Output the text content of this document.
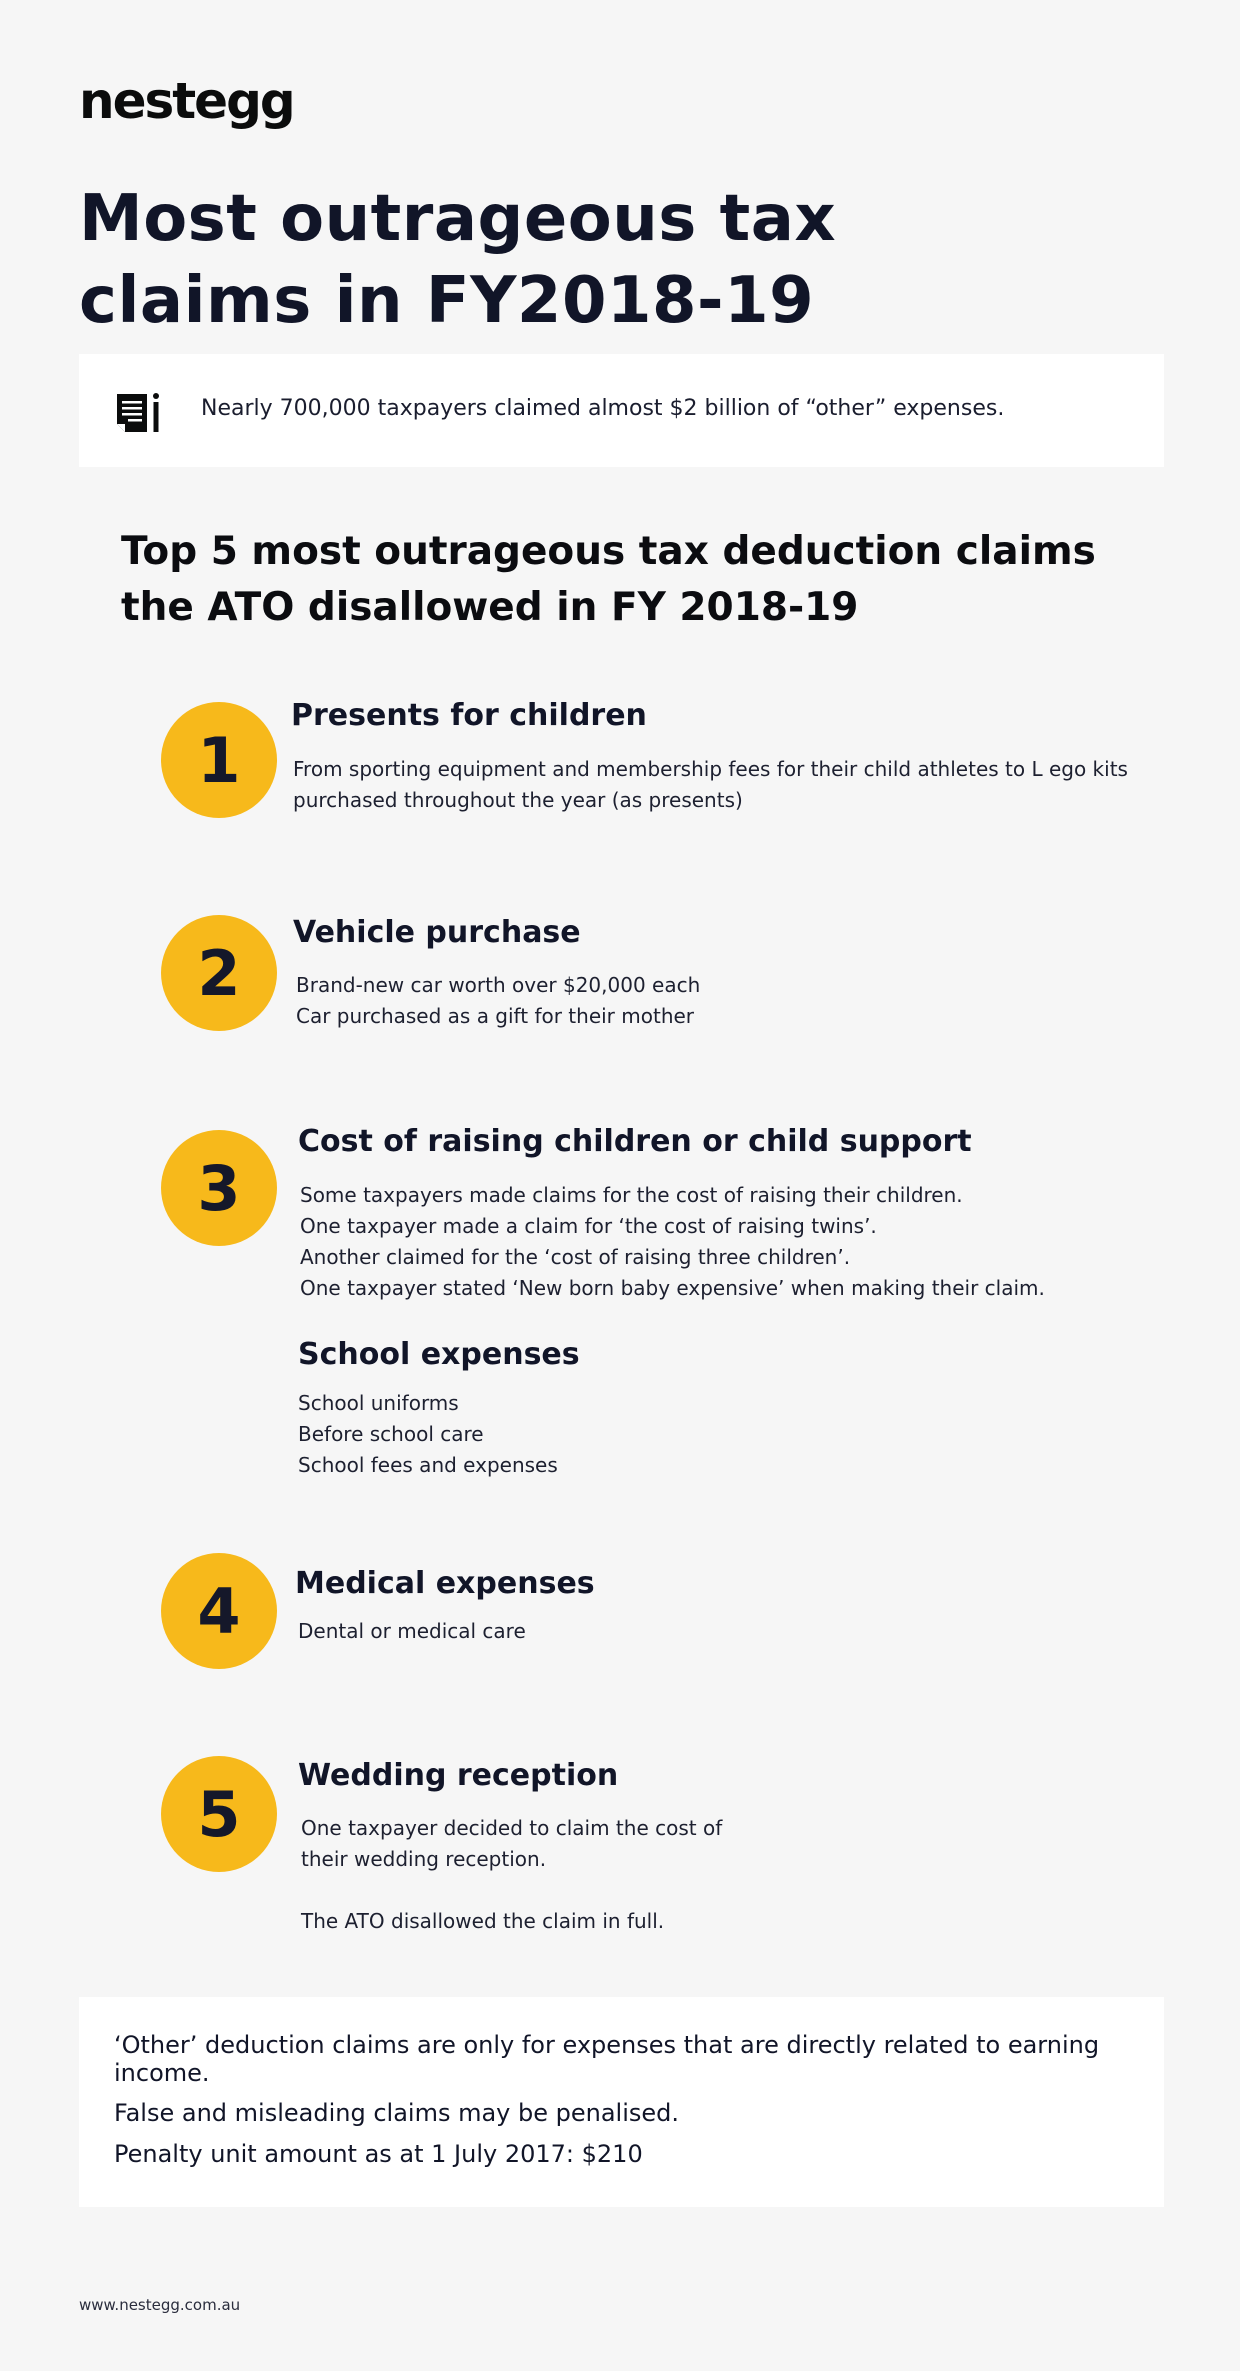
nestegg
Most outrageous tax claims in FY2018-19
Nearly 700,000 taxpayers claimed almost $2 billion of “other” expenses.
Top 5 most outrageous tax deduction claims the ATO disallowed in FY 2018-19
1
Presents for children
From sporting equipment and membership fees for their child athletes to L ego kits
purchased throughout the year (as presents)
2
Vehicle purchase
Brand-new car worth over $20,000 each
Car purchased as a gift for their mother
3
Cost of raising children or child support
Some taxpayers made claims for the cost of raising their children.
One taxpayer made a claim for ‘the cost of raising twins’.
Another claimed for the ‘cost of raising three children’.
One taxpayer stated ‘New born baby expensive’ when making their claim.
School expenses
School uniforms
Before school care
School fees and expenses
4	Medical expenses
Dental or medical care
5
Wedding reception
One taxpayer decided to claim the cost of
their wedding reception.
The ATO disallowed the claim in full.
‘Other’ deduction claims are only for expenses that are directly related to earning income.
False and misleading claims may be penalised.
Penalty unit amount as at 1 July 2017: $210
www.nestegg.com.au
